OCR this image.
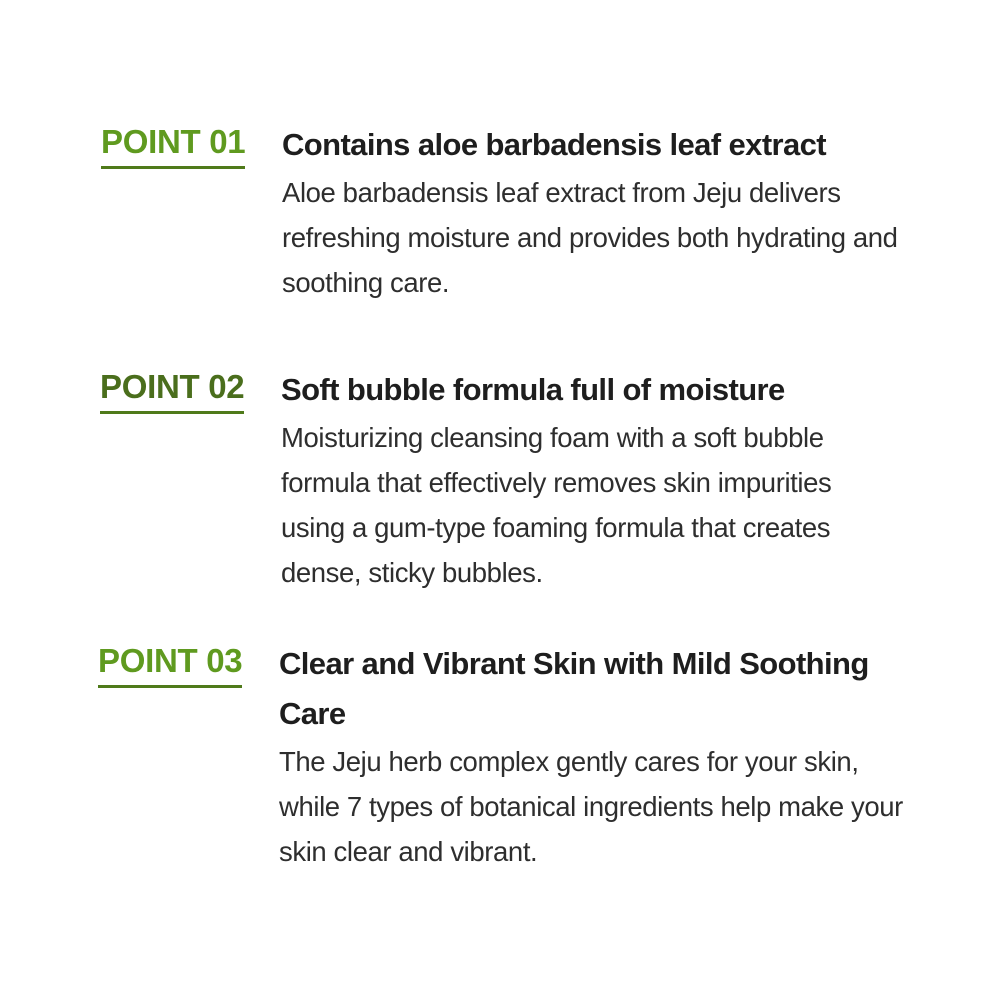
POINT 01 Contains aloe barbadensis leaf extract

Aloe barbadensis leaf extract from Jeju delivers refreshing moisture and provides both hydrating and soothing care.

POINT 02 Soft bubble formula full of moisture

Moisturizing cleansing foam with a soft bubble formula that effectively removes skin impurities using a gum-type foaming formula that creates dense, sticky bubbles.

POINT 03 Clear and Vibrant Skin with Mild Soothing Care

The Jeju herb complex gently cares for your skin, while 7 types of botanical ingredients help make your skin clear and vibrant.
